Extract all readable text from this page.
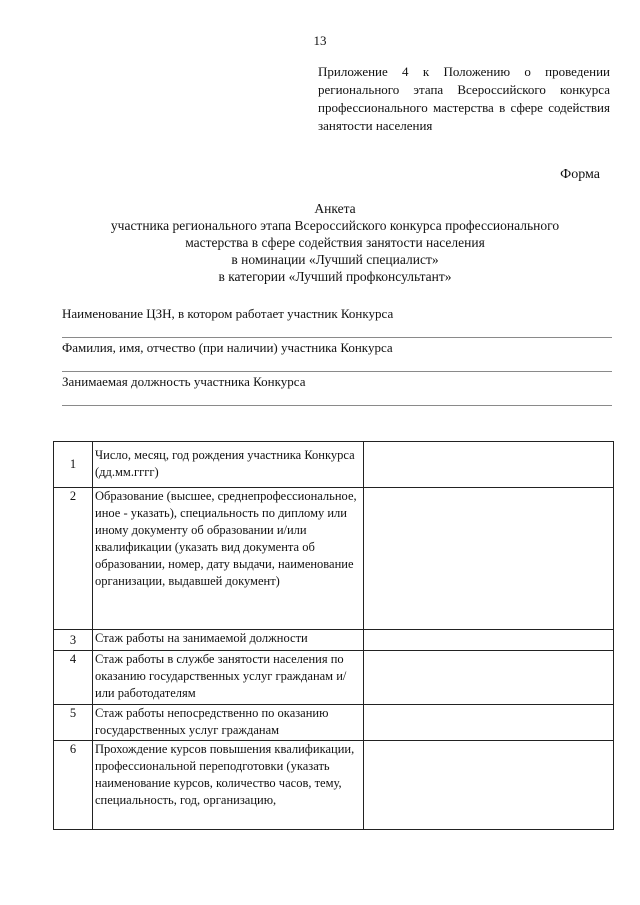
13
Приложение 4 к Положению о проведении регионального этапа Всероссийского конкурса профессионального мастерства в сфере содействия занятости населения
Форма
Анкета
участника регионального этапа Всероссийского конкурса профессионального
мастерства в сфере содействия занятости населения
в номинации «Лучший специалист»
в категории «Лучший профконсультант»
Наименование ЦЗН, в котором работает участник Конкурса
Фамилия, имя, отчество (при наличии) участника Конкурса
Занимаемая должность участника Конкурса
1	Число, месяц, год рождения участника Конкурса (дд.мм.гггг)	
2	Образование (высшее, среднепрофессиональное, иное - указать), специальность по диплому или иному документу об образовании и/или квалификации (указать вид документа об образовании, номер, дату выдачи, наименование организации, выдавшей документ)	
3	Стаж работы на занимаемой должности	
4	Стаж работы в службе занятости населения по оказанию государственных услуг гражданам и/или работодателям	
5	Стаж работы непосредственно по оказанию государственных услуг гражданам	
6	Прохождение курсов повышения квалификации, профессиональной переподготовки (указать наименование курсов, количество часов, тему, специальность, год, организацию,	
